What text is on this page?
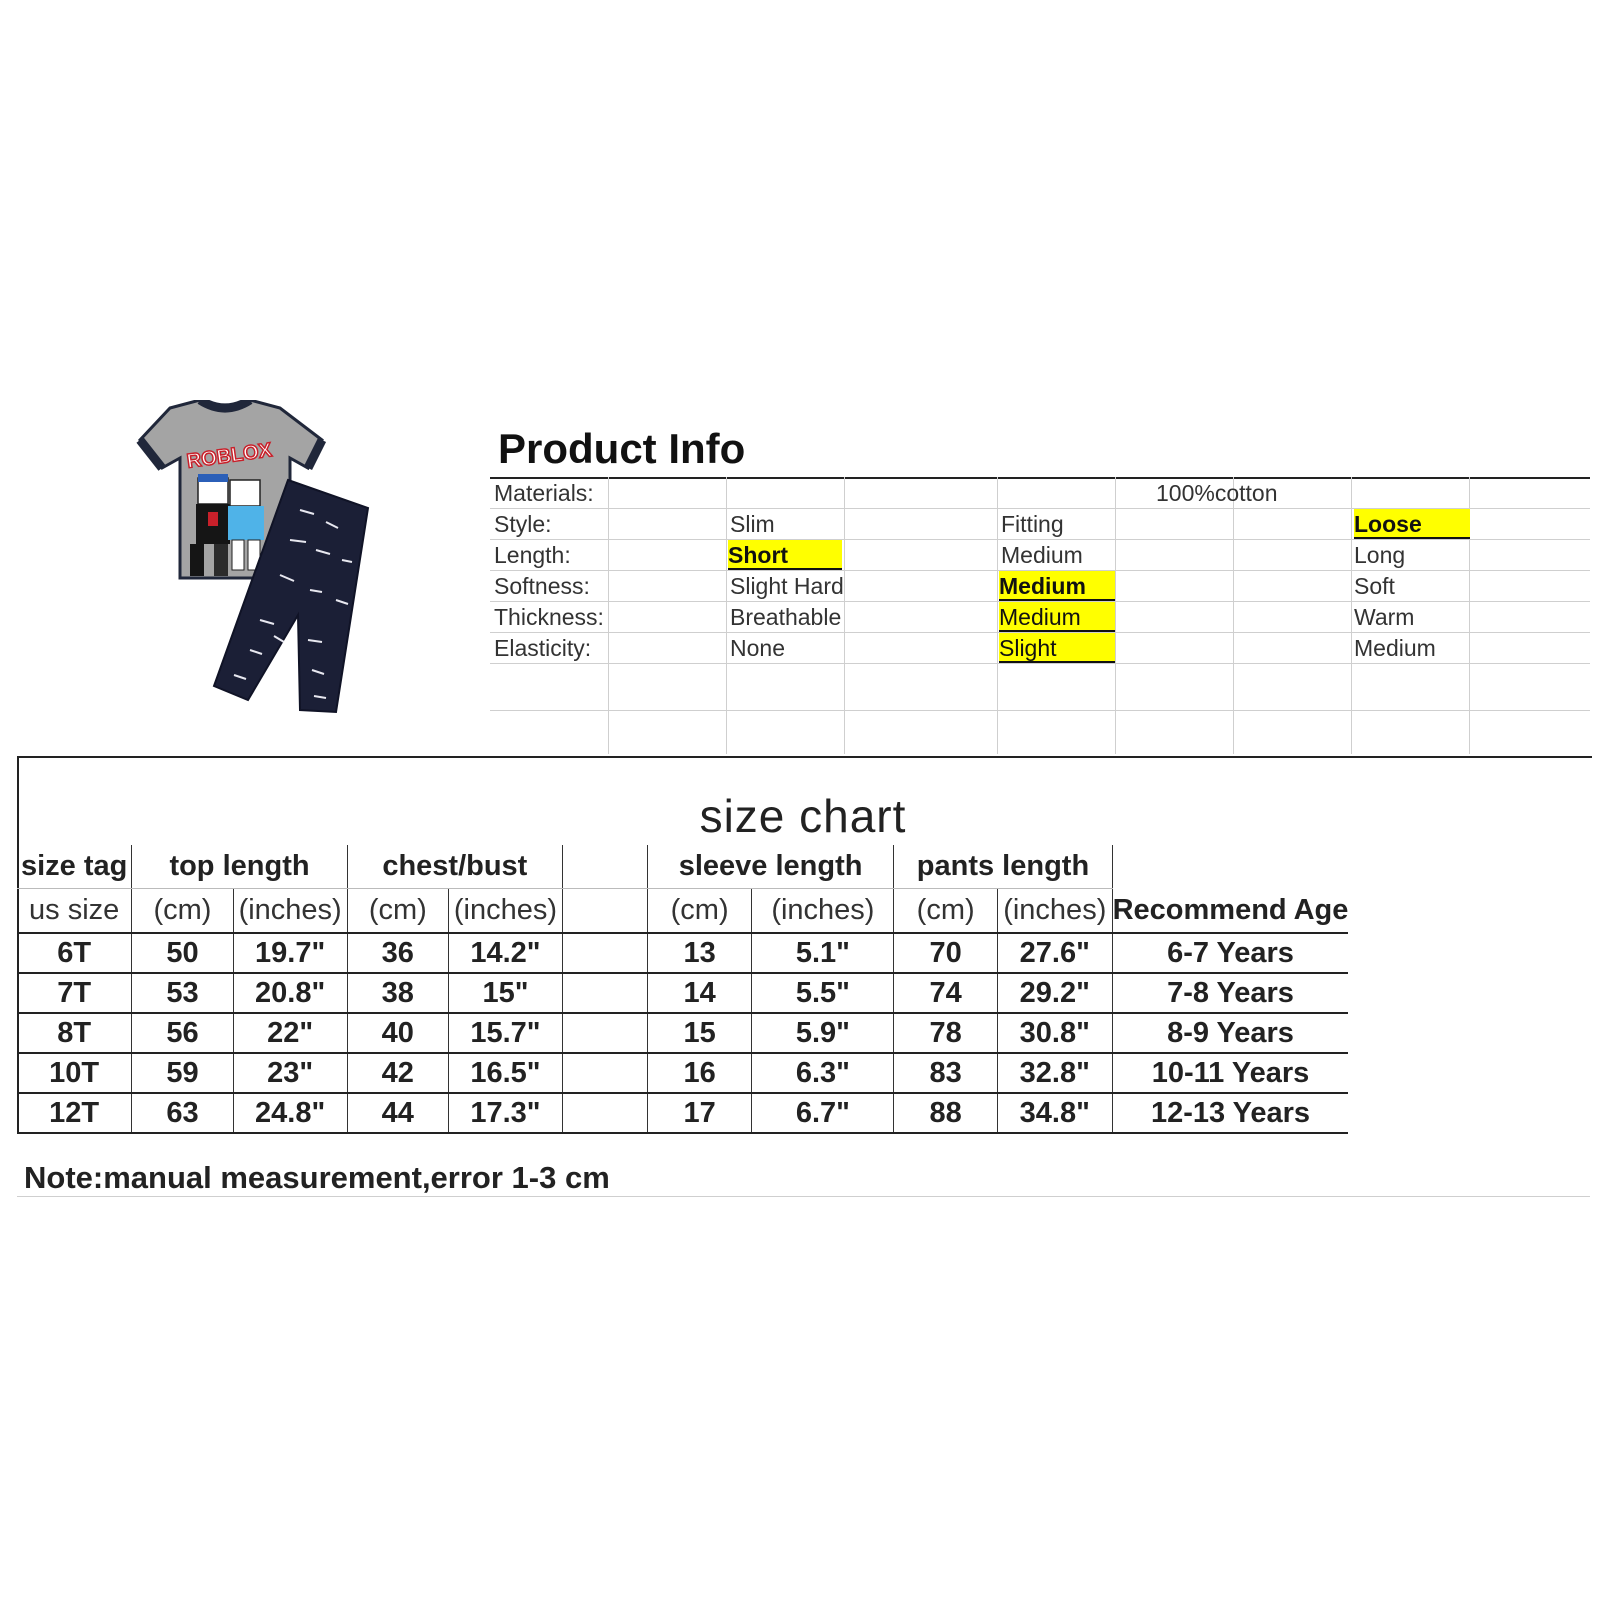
ROBLOX	Product Info
Materials:	100%cotton
Style:	Slim	Fitting	Loose
Length:	Short	Medium	Long
Softness:	Slight Hard	Medium	Soft
Thickness:	Breathable	Medium	Warm
Elasticity:	None	Slight	Medium
size chart
size tag	top length		chest/bust			sleeve length		pants length		
us size	(cm)	(inches)	(cm)	(inches)		(cm)	(inches)	(cm)	(inches)	Recommend Age
6T	50	19.7"	36	14.2"		13	5.1"	70	27.6"	6-7 Years
7T	53	20.8"	38	15"		14	5.5"	74	29.2"	7-8 Years
8T	56	22"	40	15.7"		15	5.9"	78	30.8"	8-9 Years
10T	59	23"	42	16.5"		16	6.3"	83	32.8"	10-11 Years
12T	63	24.8"	44	17.3"		17	6.7"	88	34.8"	12-13 Years
Note:manual measurement,error 1-3 cm
